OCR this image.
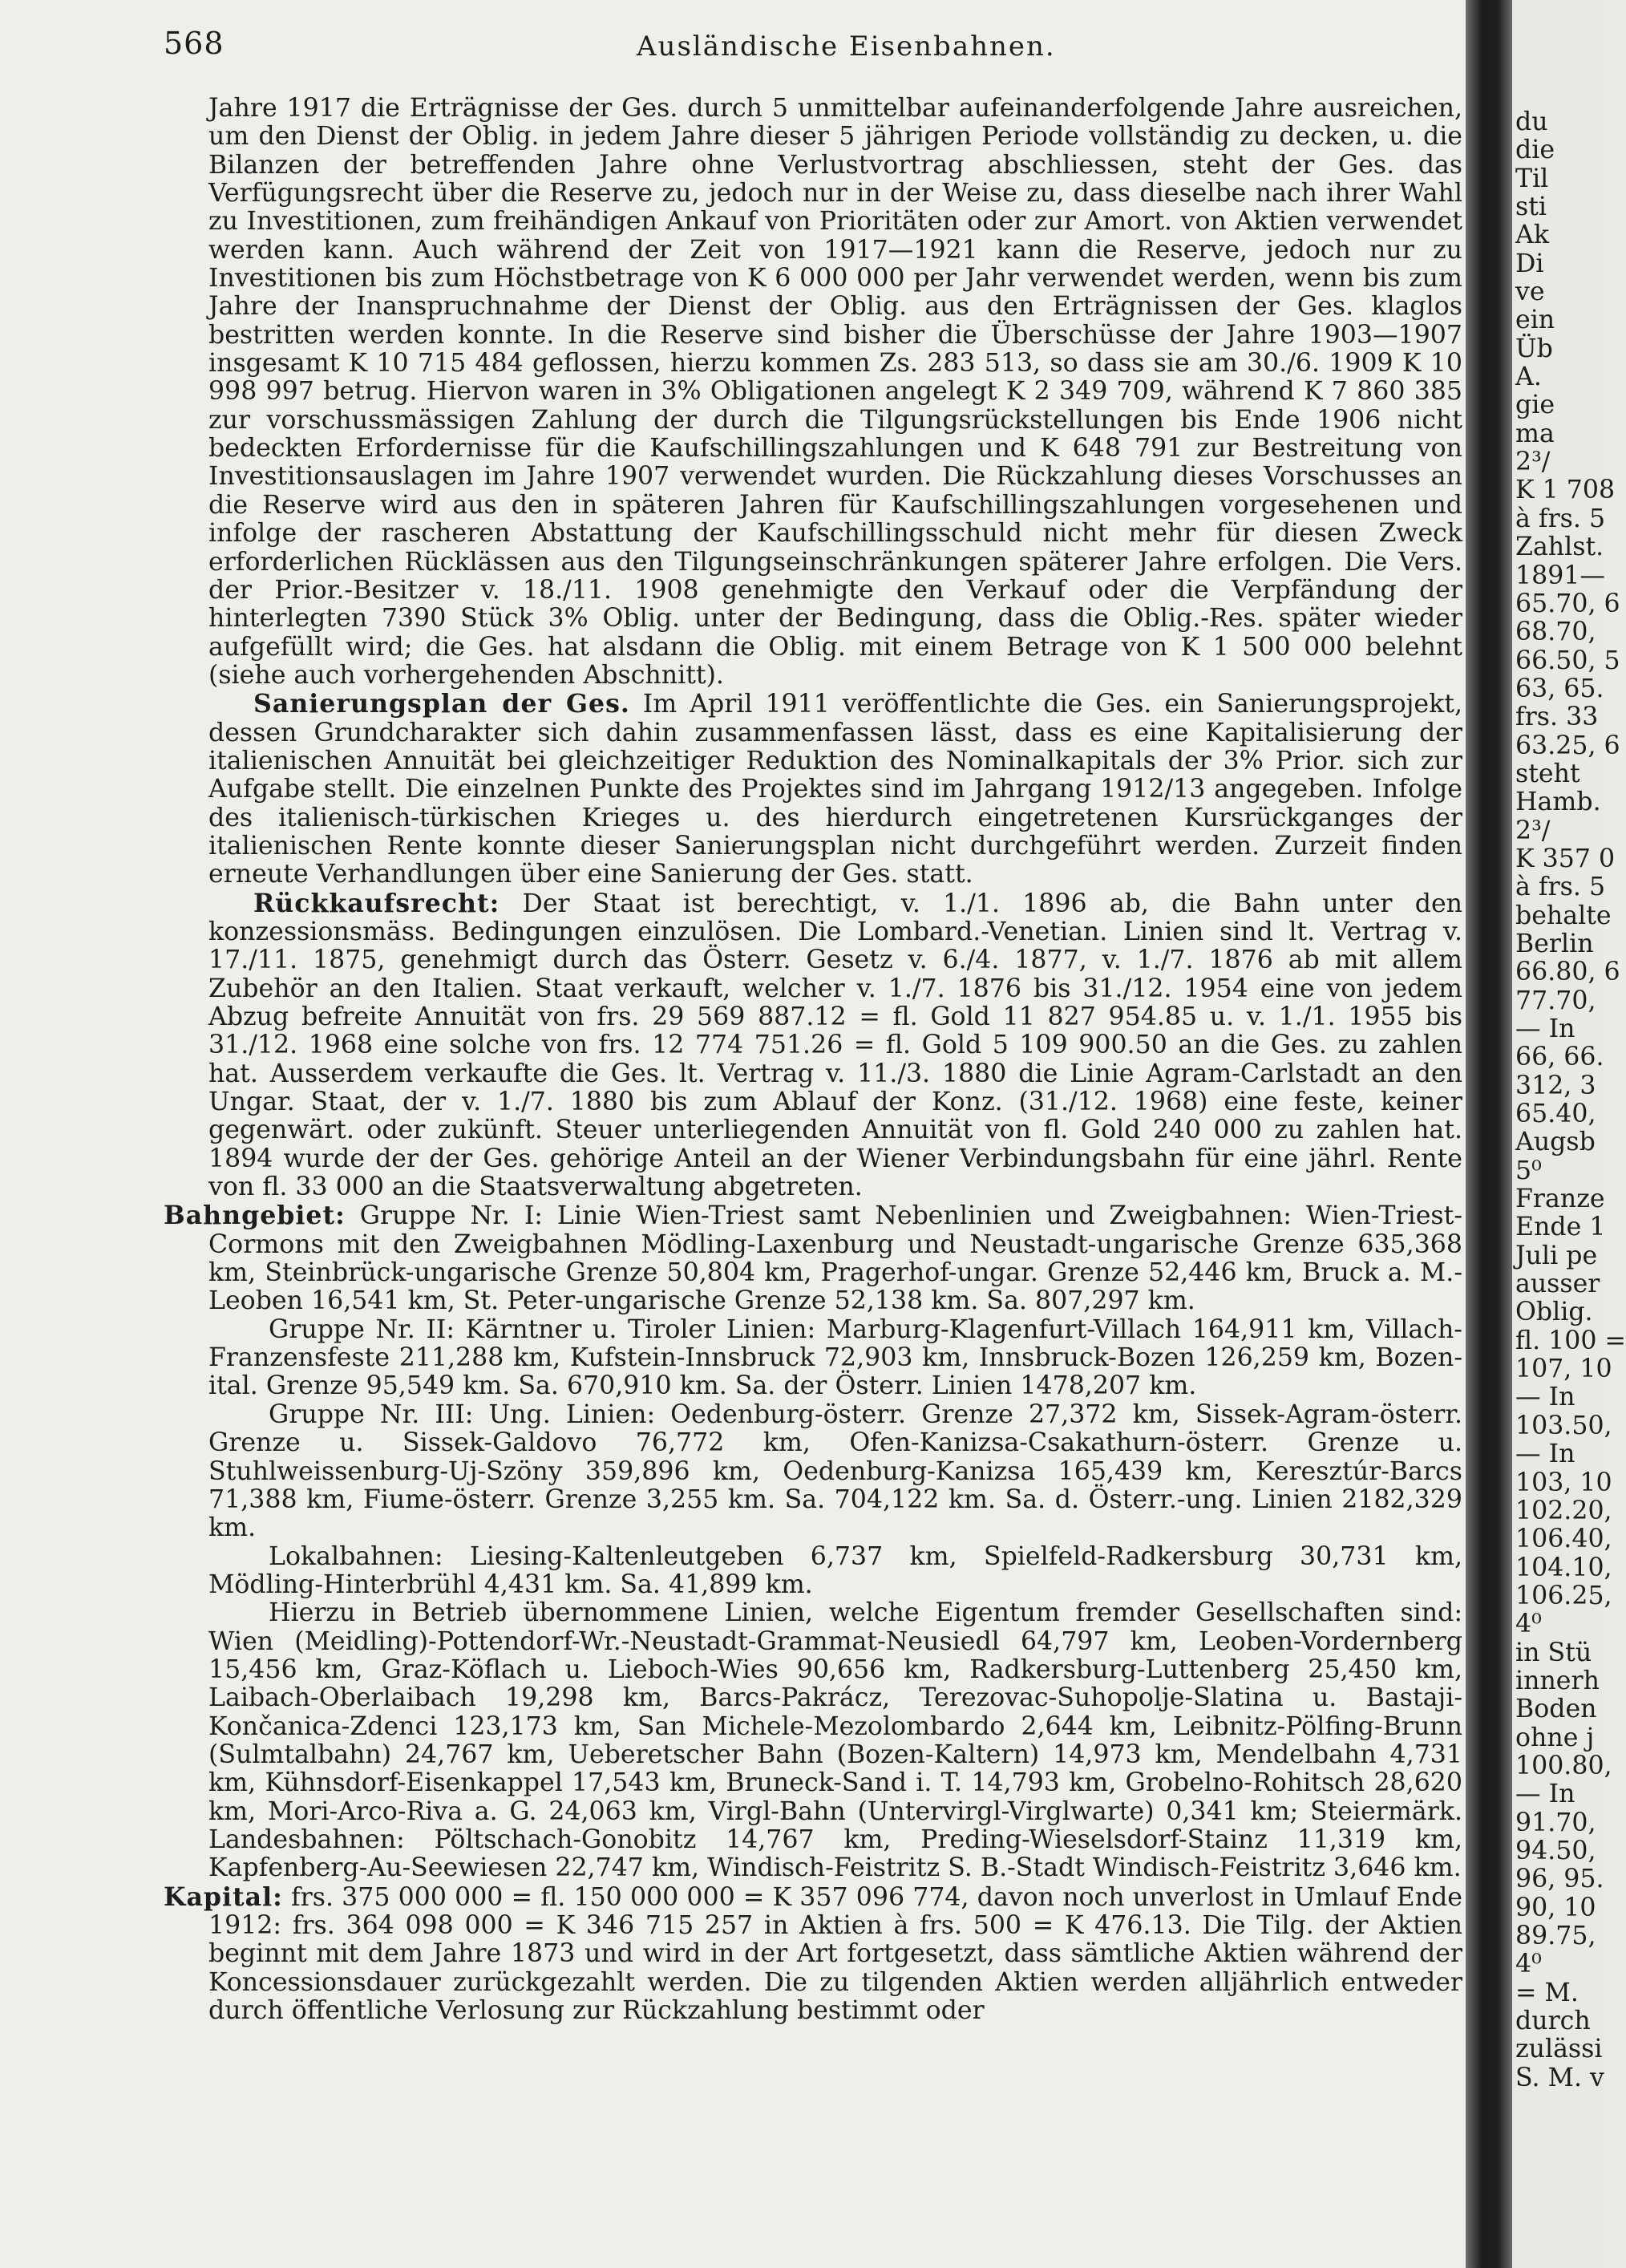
568	Ausländische Eisenbahnen.

Jahre 1917 die Erträgnisse der Ges. durch 5 unmittelbar aufeinanderfolgende Jahre ausreichen, um den Dienst der Oblig. in jedem Jahre dieser 5 jährigen Periode vollständig zu decken, u. die Bilanzen der betreffenden Jahre ohne Verlustvortrag abschliessen, steht der Ges. das Verfügungsrecht über die Reserve zu, jedoch nur in der Weise zu, dass dieselbe nach ihrer Wahl zu Investitionen, zum freihändigen Ankauf von Prioritäten oder zur Amort. von Aktien verwendet werden kann. Auch während der Zeit von 1917—1921 kann die Reserve, jedoch nur zu Investitionen bis zum Höchstbetrage von K 6 000 000 per Jahr verwendet werden, wenn bis zum Jahre der Inanspruchnahme der Dienst der Oblig. aus den Erträgnissen der Ges. klaglos bestritten werden konnte. In die Reserve sind bisher die Überschüsse der Jahre 1903—1907 insgesamt K 10 715 484 geflossen, hierzu kommen Zs. 283 513, so dass sie am 30./6. 1909 K 10 998 997 betrug. Hiervon waren in 3% Obligationen angelegt K 2 349 709, während K 7 860 385 zur vorschussmässigen Zahlung der durch die Tilgungsrückstellungen bis Ende 1906 nicht bedeckten Erfordernisse für die Kaufschillingszahlungen und K 648 791 zur Bestreitung von Investitionsauslagen im Jahre 1907 verwendet wurden. Die Rückzahlung dieses Vorschusses an die Reserve wird aus den in späteren Jahren für Kaufschillingszahlungen vorgesehenen und infolge der rascheren Abstattung der Kaufschillingsschuld nicht mehr für diesen Zweck erforderlichen Rücklässen aus den Tilgungseinschränkungen späterer Jahre erfolgen. Die Vers. der Prior.-Besitzer v. 18./11. 1908 genehmigte den Verkauf oder die Verpfändung der hinterlegten 7390 Stück 3% Oblig. unter der Bedingung, dass die Oblig.-Res. später wieder aufgefüllt wird; die Ges. hat alsdann die Oblig. mit einem Betrage von K 1 500 000 belehnt (siehe auch vorhergehenden Abschnitt).

Sanierungsplan der Ges. Im April 1911 veröffentlichte die Ges. ein Sanierungsprojekt, dessen Grundcharakter sich dahin zusammenfassen lässt, dass es eine Kapitalisierung der italienischen Annuität bei gleichzeitiger Reduktion des Nominalkapitals der 3% Prior. sich zur Aufgabe stellt. Die einzelnen Punkte des Projektes sind im Jahrgang 1912/13 angegeben. Infolge des italienisch-türkischen Krieges u. des hierdurch eingetretenen Kursrückganges der italienischen Rente konnte dieser Sanierungsplan nicht durchgeführt werden. Zurzeit finden erneute Verhandlungen über eine Sanierung der Ges. statt.

Rückkaufsrecht: Der Staat ist berechtigt, v. 1./1. 1896 ab, die Bahn unter den konzessionsmäss. Bedingungen einzulösen. Die Lombard.-Venetian. Linien sind lt. Vertrag v. 17./11. 1875, genehmigt durch das Österr. Gesetz v. 6./4. 1877, v. 1./7. 1876 ab mit allem Zubehör an den Italien. Staat verkauft, welcher v. 1./7. 1876 bis 31./12. 1954 eine von jedem Abzug befreite Annuität von frs. 29 569 887.12 = fl. Gold 11 827 954.85 u. v. 1./1. 1955 bis 31./12. 1968 eine solche von frs. 12 774 751.26 = fl. Gold 5 109 900.50 an die Ges. zu zahlen hat. Ausserdem verkaufte die Ges. lt. Vertrag v. 11./3. 1880 die Linie Agram-Carlstadt an den Ungar. Staat, der v. 1./7. 1880 bis zum Ablauf der Konz. (31./12. 1968) eine feste, keiner gegenwärt. oder zukünft. Steuer unterliegenden Annuität von fl. Gold 240 000 zu zahlen hat. 1894 wurde der der Ges. gehörige Anteil an der Wiener Verbindungsbahn für eine jährl. Rente von fl. 33 000 an die Staatsverwaltung abgetreten.

Bahngebiet: Gruppe Nr. I: Linie Wien-Triest samt Nebenlinien und Zweigbahnen: Wien-Triest-Cormons mit den Zweigbahnen Mödling-Laxenburg und Neustadt-ungarische Grenze 635,368 km, Steinbrück-ungarische Grenze 50,804 km, Pragerhof-ungar. Grenze 52,446 km, Bruck a. M.-Leoben 16,541 km, St. Peter-ungarische Grenze 52,138 km. Sa. 807,297 km.

Gruppe Nr. II: Kärntner u. Tiroler Linien: Marburg-Klagenfurt-Villach 164,911 km, Villach-Franzensfeste 211,288 km, Kufstein-Innsbruck 72,903 km, Innsbruck-Bozen 126,259 km, Bozen-ital. Grenze 95,549 km. Sa. 670,910 km. Sa. der Österr. Linien 1478,207 km.

Gruppe Nr. III: Ung. Linien: Oedenburg-österr. Grenze 27,372 km, Sissek-Agram-österr. Grenze u. Sissek-Galdovo 76,772 km, Ofen-Kanizsa-Csakathurn-österr. Grenze u. Stuhlweissenburg-Uj-Szöny 359,896 km, Oedenburg-Kanizsa 165,439 km, Keresztúr-Barcs 71,388 km, Fiume-österr. Grenze 3,255 km. Sa. 704,122 km. Sa. d. Österr.-ung. Linien 2182,329 km.

Lokalbahnen: Liesing-Kaltenleutgeben 6,737 km, Spielfeld-Radkersburg 30,731 km, Mödling-Hinterbrühl 4,431 km. Sa. 41,899 km.

Hierzu in Betrieb übernommene Linien, welche Eigentum fremder Gesellschaften sind: Wien (Meidling)-Pottendorf-Wr.-Neustadt-Grammat-Neusiedl 64,797 km, Leoben-Vordernberg 15,456 km, Graz-Köflach u. Lieboch-Wies 90,656 km, Radkersburg-Luttenberg 25,450 km, Laibach-Oberlaibach 19,298 km, Barcs-Pakrácz, Terezovac-Suhopolje-Slatina u. Bastaji-Končanica-Zdenci 123,173 km, San Michele-Mezolombardo 2,644 km, Leibnitz-Pölfing-Brunn (Sulmtalbahn) 24,767 km, Ueberetscher Bahn (Bozen-Kaltern) 14,973 km, Mendelbahn 4,731 km, Kühnsdorf-Eisenkappel 17,543 km, Bruneck-Sand i. T. 14,793 km, Grobelno-Rohitsch 28,620 km, Mori-Arco-Riva a. G. 24,063 km, Virgl-Bahn (Untervirgl-Virglwarte) 0,341 km; Steiermärk. Landesbahnen: Pöltschach-Gonobitz 14,767 km, Preding-Wieselsdorf-Stainz 11,319 km, Kapfenberg-Au-Seewiesen 22,747 km, Windisch-Feistritz S. B.-Stadt Windisch-Feistritz 3,646 km.

Kapital: frs. 375 000 000 = fl. 150 000 000 = K 357 096 774, davon noch unverlost in Umlauf Ende 1912: frs. 364 098 000 = K 346 715 257 in Aktien à frs. 500 = K 476.13. Die Tilg. der Aktien beginnt mit dem Jahre 1873 und wird in der Art fortgesetzt, dass sämtliche Aktien während der Koncessionsdauer zurückgezahlt werden. Die zu tilgenden Aktien werden alljährlich entweder durch öffentliche Verlosung zur Rückzahlung bestimmt oder

du
die
Til
sti
Ak
Di
ve
ein
Üb
A.
gie
ma
2³/
K 1 708
à frs. 5
Zahlst.
1891—
65.70, 6
68.70,
66.50, 5
63, 65.
frs. 33
63.25, 6
steht
Hamb.
2³/
K 357 0
à frs. 5
behalte
Berlin
66.80, 6
77.70,
— In
66, 66.
312, 3
65.40,
Augsb
5⁰
Franze
Ende 1
Juli pe
ausser
Oblig.
fl. 100 =
107, 10
— In
103.50,
— In
103, 10
102.20,
106.40,
104.10,
106.25,
4⁰
in Stü
innerh
Boden
ohne j
100.80,
— In
91.70,
94.50,
96, 95.
90, 10
89.75,
4⁰
= M.
durch
zulässi
S. M. v
